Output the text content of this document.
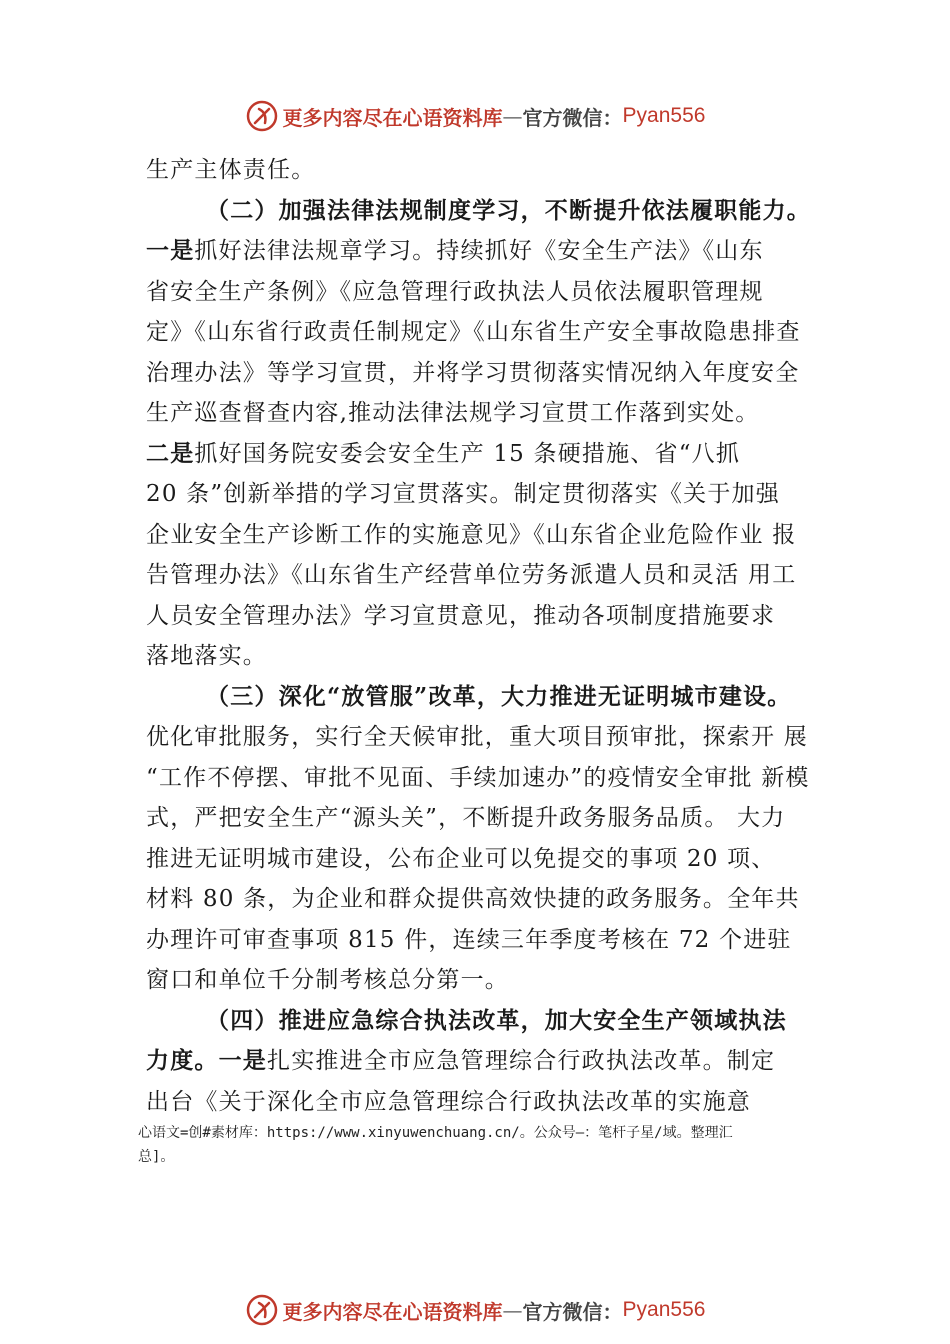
更多内容尽在心语资料库 — 官方微信： Pyan556
生产主体责任。
（二）加强法律法规制度学习，不断提升依法履职能力。
一是抓好法律法规章学习。持续抓好《安全生产法》《山东
省安全生产条例》《应急管理行政执法人员依法履职管理规
定》《山东省行政责任制规定》《山东省生产安全事故隐患排查
治理办法》等学习宣贯，并将学习贯彻落实情况纳入年度安全
生产巡查督查内容,推动法律法规学习宣贯工作落到实处。
二是抓好国务院安委会安全生产 15 条硬措施、省“八抓
20 条”创新举措的学习宣贯落实。制定贯彻落实《关于加强
企业安全生产诊断工作的实施意见》《山东省企业危险作业 报
告管理办法》《山东省生产经营单位劳务派遣人员和灵活 用工
人员安全管理办法》学习宣贯意见，推动各项制度措施要求
落地落实。
（三）深化“放管服”改革，大力推进无证明城市建设。
优化审批服务，实行全天候审批，重大项目预审批，探索开 展
“工作不停摆、审批不见面、手续加速办”的疫情安全审批 新模
式，严把安全生产“源头关”，不断提升政务服务品质。 大力
推进无证明城市建设，公布企业可以免提交的事项 20 项、
材料 80 条，为企业和群众提供高效快捷的政务服务。全年共
办理许可审查事项 815 件，连续三年季度考核在 72 个进驻
窗口和单位千分制考核总分第一。
（四）推进应急综合执法改革，加大安全生产领域执法
力度。一是扎实推进全市应急管理综合行政执法改革。制定
出台《关于深化全市应急管理综合行政执法改革的实施意
心语文=创#素材库：https://www.xinyuwenchuang.cn/。公众号—：笔杆子星/域。整理汇
总]。
更多内容尽在心语资料库 — 官方微信： Pyan556
